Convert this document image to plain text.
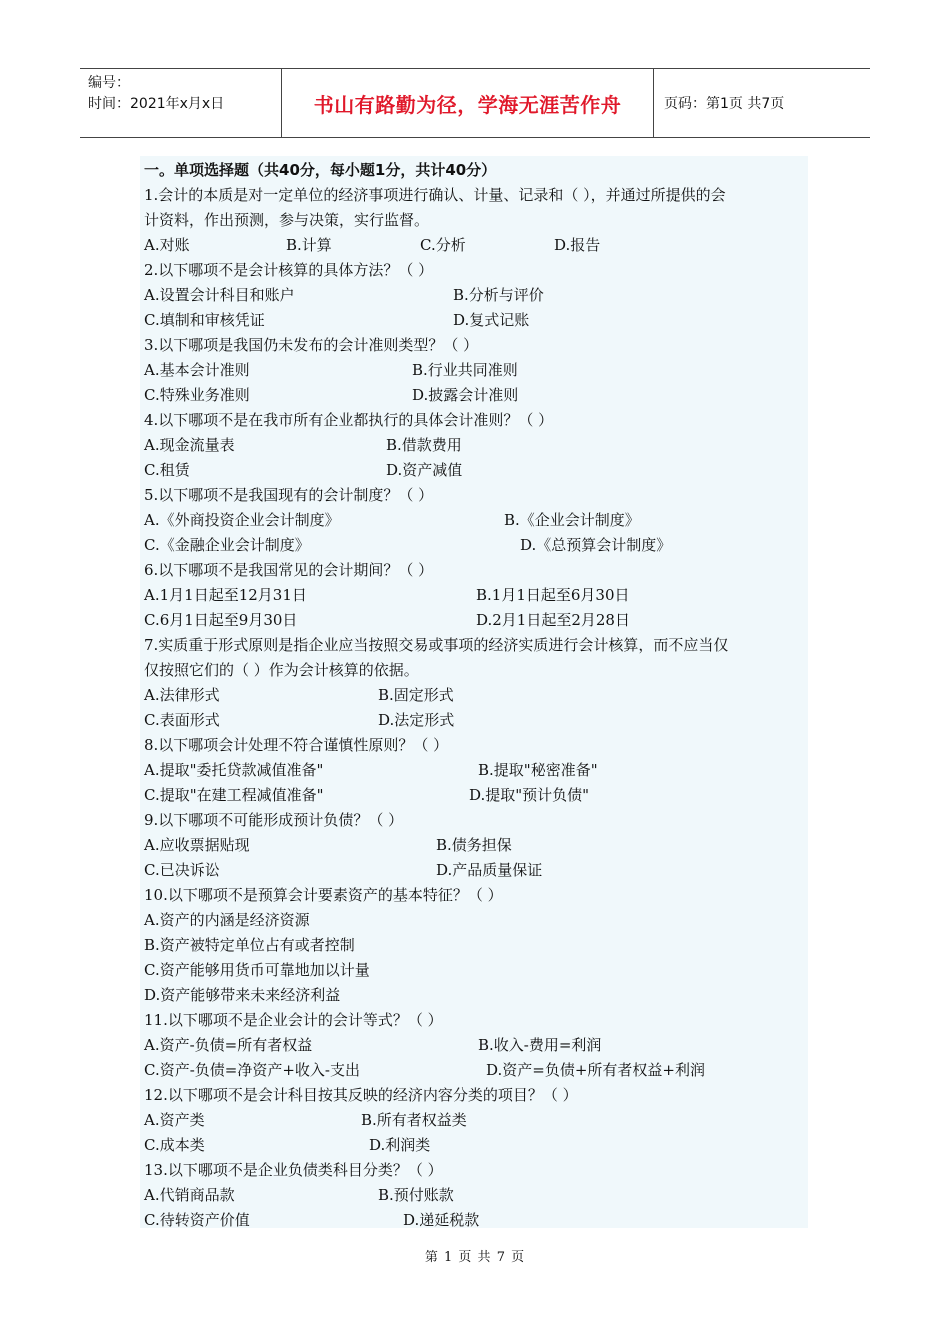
编号：
时间：2021年x月x日	书山有路勤为径，学海无涯苦作舟	页码：第1页 共7页
一。单项选择题（共40分，每小题1分，共计40分）
1.会计的本质是对一定单位的经济事项进行确认、计量、记录和（ ），并通过所提供的会
计资料，作出预测，参与决策，实行监督。
A.对账	B.计算	C.分析	D.报告
2.以下哪项不是会计核算的具体方法？（ ）
A.设置会计科目和账户	B.分析与评价
C.填制和审核凭证	D.复式记账
3.以下哪项是我国仍未发布的会计准则类型？（ ）
A.基本会计准则	B.行业共同准则
C.特殊业务准则	D.披露会计准则
4.以下哪项不是在我市所有企业都执行的具体会计准则？（ ）
A.现金流量表	B.借款费用
C.租赁	D.资产减值
5.以下哪项不是我国现有的会计制度？（ ）
A.《外商投资企业会计制度》	B.《企业会计制度》
C.《金融企业会计制度》	D.《总预算会计制度》
6.以下哪项不是我国常见的会计期间？（ ）
A.1月1日起至12月31日	B.1月1日起至6月30日
C.6月1日起至9月30日	D.2月1日起至2月28日
7.实质重于形式原则是指企业应当按照交易或事项的经济实质进行会计核算，而不应当仅
仅按照它们的（ ）作为会计核算的依据。
A.法律形式	B.固定形式
C.表面形式	D.法定形式
8.以下哪项会计处理不符合谨慎性原则？（ ）
A.提取"委托贷款减值准备"	B.提取"秘密准备"
C.提取"在建工程减值准备"	D.提取"预计负债"
9.以下哪项不可能形成预计负债？（ ）
A.应收票据贴现	B.债务担保
C.已决诉讼	D.产品质量保证
10.以下哪项不是预算会计要素资产的基本特征？（ ）
A.资产的内涵是经济资源
B.资产被特定单位占有或者控制
C.资产能够用货币可靠地加以计量
D.资产能够带来未来经济利益
11.以下哪项不是企业会计的会计等式？（ ）
A.资产-负债=所有者权益	B.收入-费用=利润
C.资产-负债=净资产+收入-支出	D.资产=负债+所有者权益+利润
12.以下哪项不是会计科目按其反映的经济内容分类的项目？（ ）
A.资产类	B.所有者权益类
C.成本类	D.利润类
13.以下哪项不是企业负债类科目分类？（ ）
A.代销商品款	B.预付账款
C.待转资产价值	D.递延税款
第 1 页 共 7 页
